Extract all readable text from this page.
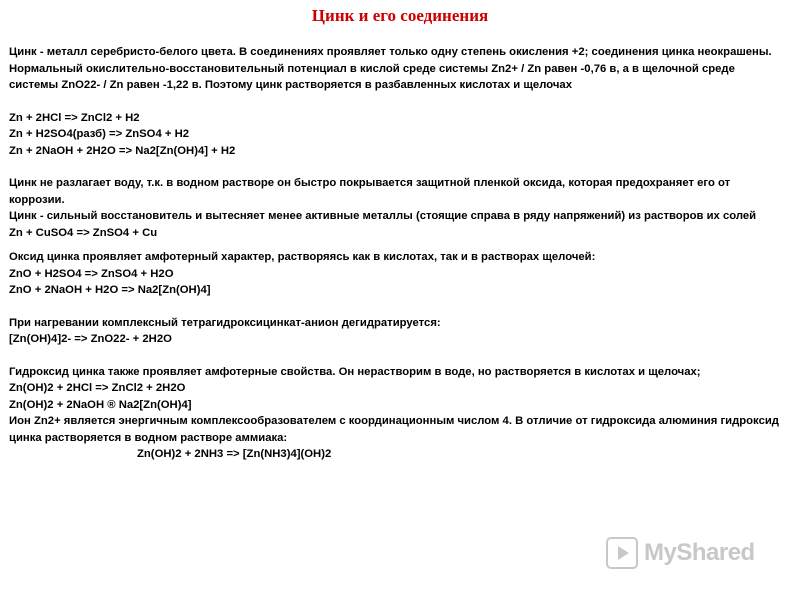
Цинк и его соединения

Цинк - металл серебристо-белого цвета. В соединениях проявляет только одну степень окисления +2; соединения цинка неокрашены.

Нормальный окислительно-восстановительный потенциал в кислой среде системы Zn2+ / Zn равен -0,76 в, а в щелочной среде системы ZnO22- / Zn равен -1,22 в. Поэтому цинк растворяется в разбавленных кислотах и щелочах

Zn + 2HCl => ZnCl2 + H2

Zn + H2SO4(разб) => ZnSO4 + H2

Zn + 2NaOH + 2H2O => Na2[Zn(OH)4] + H2

Цинк не разлагает воду, т.к. в водном растворе он быстро покрывается защитной пленкой оксида, которая предохраняет его от коррозии.

Цинк - сильный восстановитель и вытесняет менее активные металлы (стоящие справа в ряду напряжений) из растворов их солей

Zn + CuSO4 => ZnSO4 + Cu

Оксид цинка проявляет амфотерный характер, растворяясь как в кислотах, так и в растворах щелочей:

ZnO + H2SO4 => ZnSO4 + H2O

ZnO + 2NaOH + H2O => Na2[Zn(OH)4]

При нагревании комплексный тетрагидроксицинкат-анион дегидратируется:

[Zn(OH)4]2- => ZnO22- + 2H2O

Гидроксид цинка также проявляет амфотерные свойства. Он нерастворим в воде, но растворяется в кислотах и щелочах;

Zn(OH)2 + 2HCl => ZnCl2 + 2H2O

Zn(OH)2 + 2NaOH ® Na2[Zn(OH)4]

Ион Zn2+ является энергичным комплексообразователем с координационным числом 4. В отличие от гидроксида алюминия гидроксид цинка растворяется в водном растворе аммиака:

Zn(OH)2 + 2NH3 => [Zn(NH3)4](OH)2

MyShared
